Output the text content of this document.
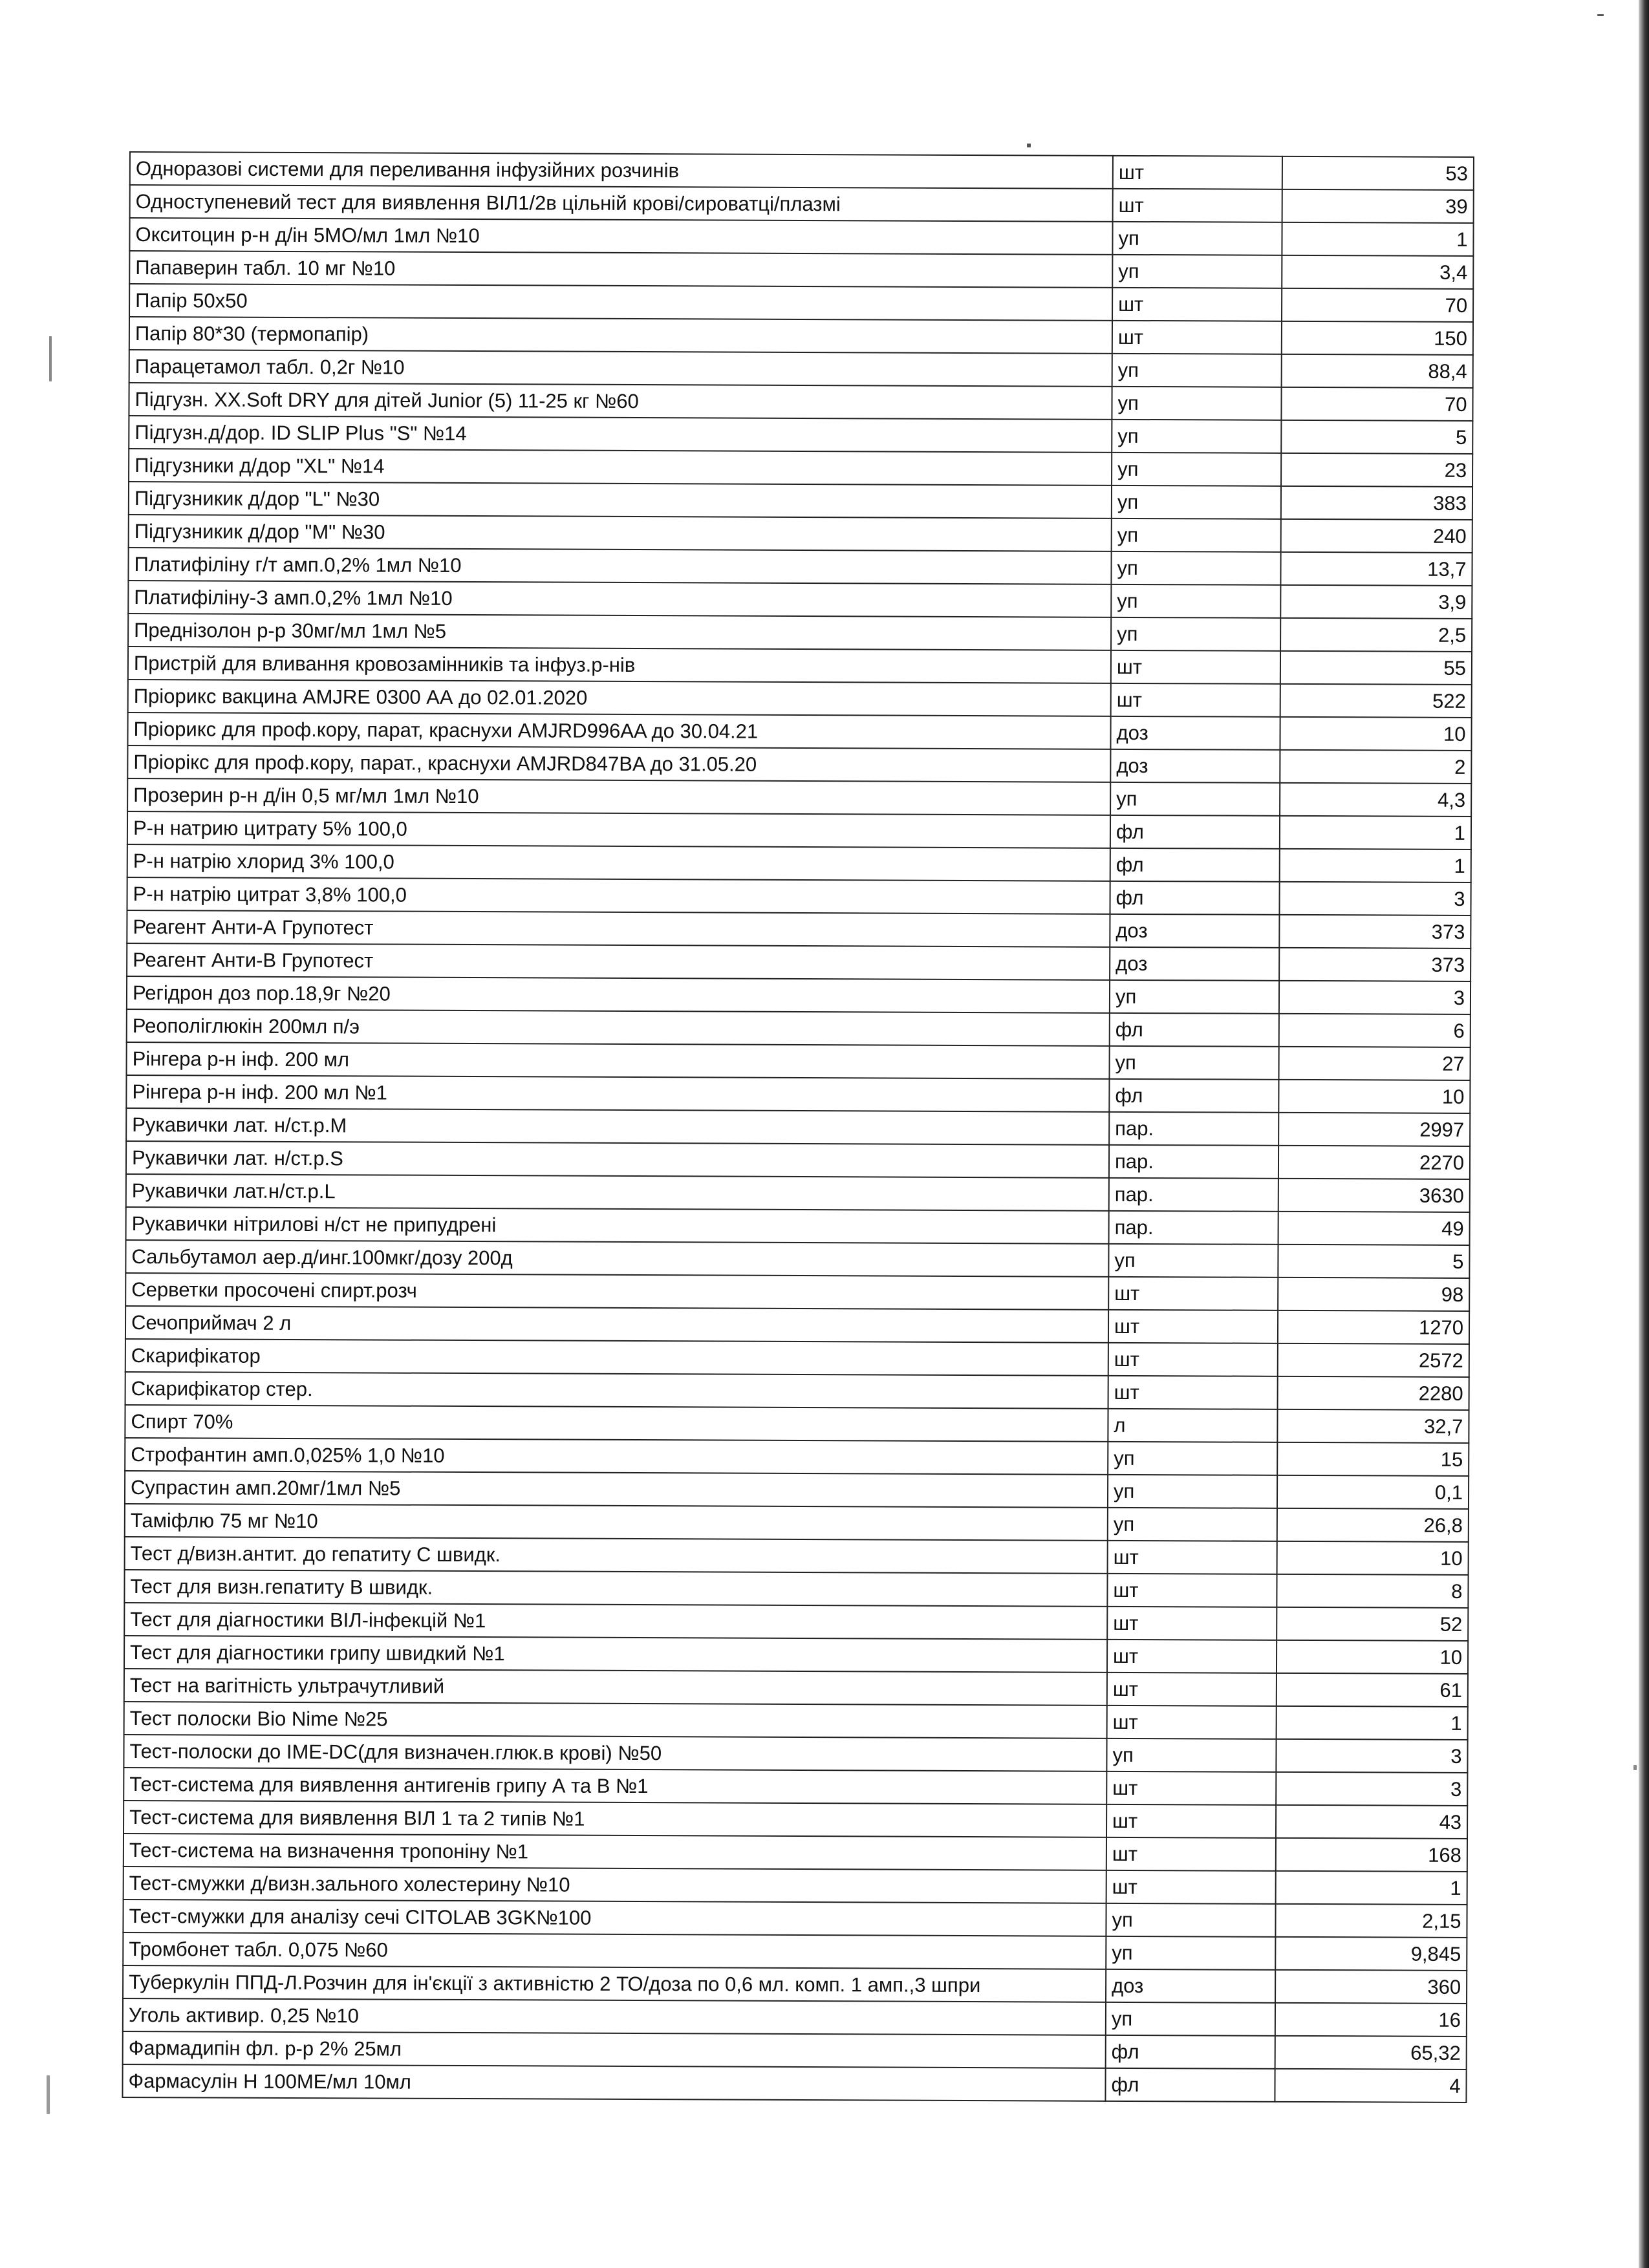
Одноразові системи для переливання інфузійних розчинів	шт	53
Одноступеневий тест для виявлення ВІЛ1/2в цільній крові/сироватці/плазмі	шт	39
Окситоцин р-н д/ін 5МО/мл 1мл №10	уп	1
Папаверин табл. 10 мг №10	уп	3,4
Папір 50х50	шт	70
Папір 80*30 (термопапір)	шт	150
Парацетамол табл. 0,2г №10	уп	88,4
Підгузн. XX.Soft DRY для дітей Junior (5) 11-25 кг №60	уп	70
Підгузн.д/дор. ID SLIP Plus "S" №14	уп	5
Підгузники д/дор "XL" №14	уп	23
Підгузникик д/дор "L" №30	уп	383
Підгузникик д/дор "M" №30	уп	240
Платифіліну г/т амп.0,2% 1мл №10	уп	13,7
Платифіліну-З амп.0,2% 1мл №10	уп	3,9
Преднізолон р-р 30мг/мл 1мл №5	уп	2,5
Пристрій для вливання кровозамінників та інфуз.р-нів	шт	55
Пріорикс вакцина AMJRE 0300 АА до 02.01.2020	шт	522
Пріорикс для проф.кору, парат, краснухи AMJRD996AA до 30.04.21	доз	10
Пріорікс для проф.кору, парат., краснухи AMJRD847BA до 31.05.20	доз	2
Прозерин р-н д/ін 0,5 мг/мл 1мл №10	уп	4,3
Р-н натрию цитрату 5% 100,0	фл	1
Р-н натрію хлорид 3% 100,0	фл	1
Р-н натрію цитрат 3,8% 100,0	фл	3
Реагент Анти-А Групотест	доз	373
Реагент Анти-В Групотест	доз	373
Регідрон доз пор.18,9г №20	уп	3
Реополіглюкін 200мл п/э	фл	6
Рінгера р-н інф. 200 мл	уп	27
Рінгера р-н інф. 200 мл №1	фл	10
Рукавички лат. н/ст.р.М	пар.	2997
Рукавички лат. н/ст.р.S	пар.	2270
Рукавички лат.н/ст.р.L	пар.	3630
Рукавички нітрилові н/ст не припудрені	пар.	49
Сальбутамол аер.д/инг.100мкг/дозу 200д	уп	5
Серветки просочені спирт.розч	шт	98
Сечоприймач 2 л	шт	1270
Скарифікатор	шт	2572
Скарифікатор стер.	шт	2280
Спирт 70%	л	32,7
Строфантин амп.0,025% 1,0 №10	уп	15
Супрастин амп.20мг/1мл №5	уп	0,1
Таміфлю 75 мг №10	уп	26,8
Тест д/визн.антит. до гепатиту С швидк.	шт	10
Тест для визн.гепатиту В швидк.	шт	8
Тест для діагностики ВІЛ-інфекцій №1	шт	52
Тест для діагностики грипу швидкий №1	шт	10
Тест на вагітність ультрачутливий	шт	61
Тест полоски Bio Nime №25	шт	1
Тест-полоски до IME-DC(для визначен.глюк.в крові) №50	уп	3
Тест-система для виявлення антигенів грипу А та В №1	шт	3
Тест-система для виявлення ВІЛ 1 та 2 типів №1	шт	43
Тест-система на визначення тропоніну №1	шт	168
Тест-смужки д/визн.зального холестерину №10	шт	1
Тест-смужки для аналізу сечі CITOLAB 3GK№100	уп	2,15
Тромбонет табл. 0,075 №60	уп	9,845
Туберкулін ППД-Л.Розчин для ін'єкції з активністю 2 ТО/доза по 0,6 мл. комп. 1 амп.,3 шпри	доз	360
Уголь активир. 0,25 №10	уп	16
Фармадипін фл. р-р 2% 25мл	фл	65,32
Фармасулін Н 100МЕ/мл 10мл	фл	4
